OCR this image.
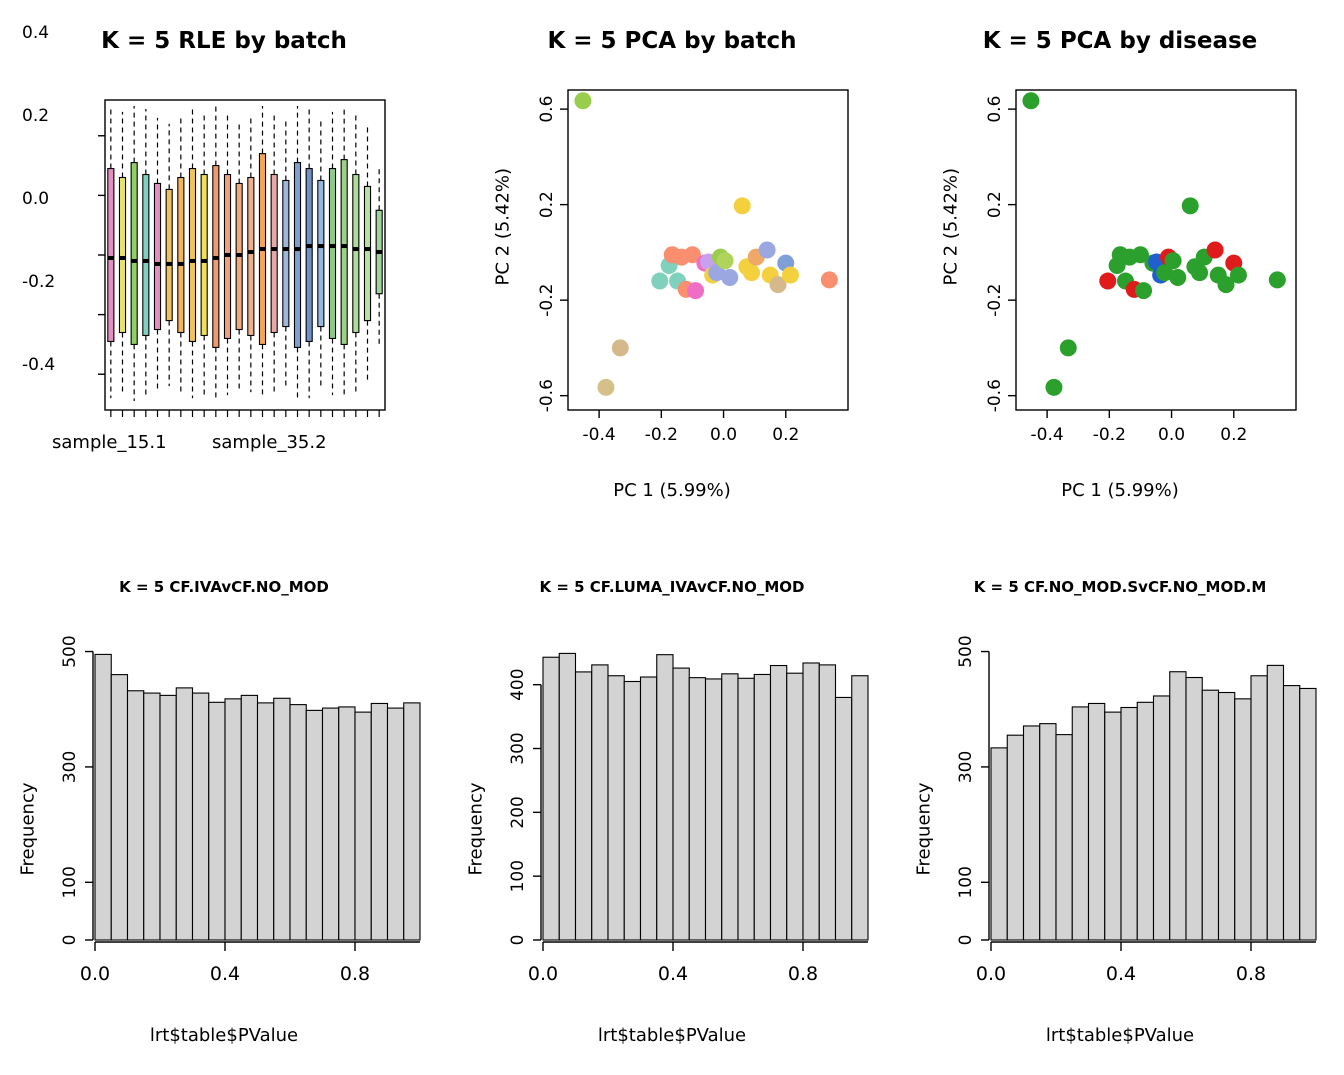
K = 5 RLE by batch
-0.4
-0.2
0.0
0.2
0.4
sample_15.1	sample_35.2
K = 5 PCA by batch
PC 2 (5.42%)
PC 1 (5.99%)
-0.4 -0.2 0.0 0.2
-0.6
-0.2
0.2
0.6
K = 5 PCA by disease
PC 2 (5.42%)
PC 1 (5.99%)
-0.4 -0.2 0.0 0.2
-0.6
-0.2
0.2
0.6
K = 5 CF.IVAvCF.NO_MOD
Frequency
lrt$table$PValue
0
100
300
500
0.0	0.4	0.8
K = 5 CF.LUMA_IVAvCF.NO_MOD
Frequency
lrt$table$PValue
0
100
200
300
400
0.0	0.4	0.8
K = 5 CF.NO_MOD.SvCF.NO_MOD.M
Frequency
lrt$table$PValue
0
100
300
500
0.0	0.4	0.8
